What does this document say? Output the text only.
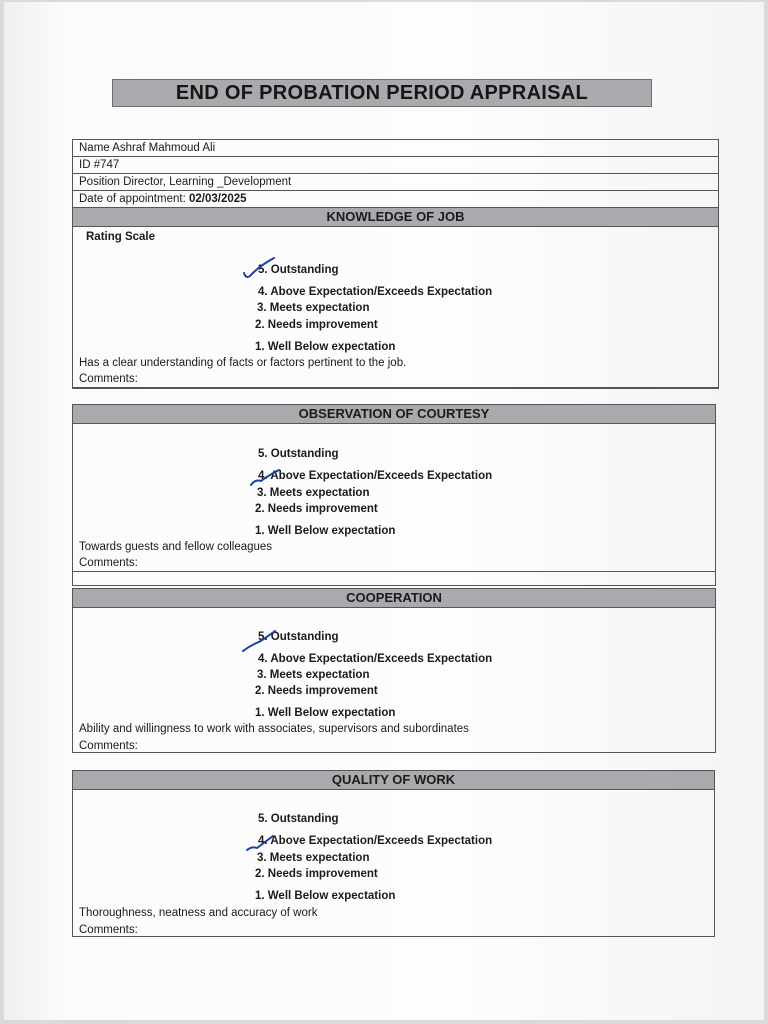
END OF PROBATION PERIOD APPRAISAL
Name Ashraf Mahmoud Ali
ID #747
Position Director, Learning _Development
Date of appointment: 02/03/2025
KNOWLEDGE OF JOB
Rating Scale
5. Outstanding
4. Above Expectation/Exceeds Expectation
3. Meets expectation
2. Needs improvement
1. Well Below expectation
Has a clear understanding of facts or factors pertinent to the job.
Comments:
OBSERVATION OF COURTESY
5. Outstanding
4. Above Expectation/Exceeds Expectation
3. Meets expectation
2. Needs improvement
1. Well Below expectation
Towards guests and fellow colleagues
Comments:
COOPERATION
5. Outstanding
4. Above Expectation/Exceeds Expectation
3. Meets expectation
2. Needs improvement
1. Well Below expectation
Ability and willingness to work with associates, supervisors and subordinates
Comments:
QUALITY OF WORK
5. Outstanding
4. Above Expectation/Exceeds Expectation
3. Meets expectation
2. Needs improvement
1. Well Below expectation
Thoroughness, neatness and accuracy of work
Comments:
